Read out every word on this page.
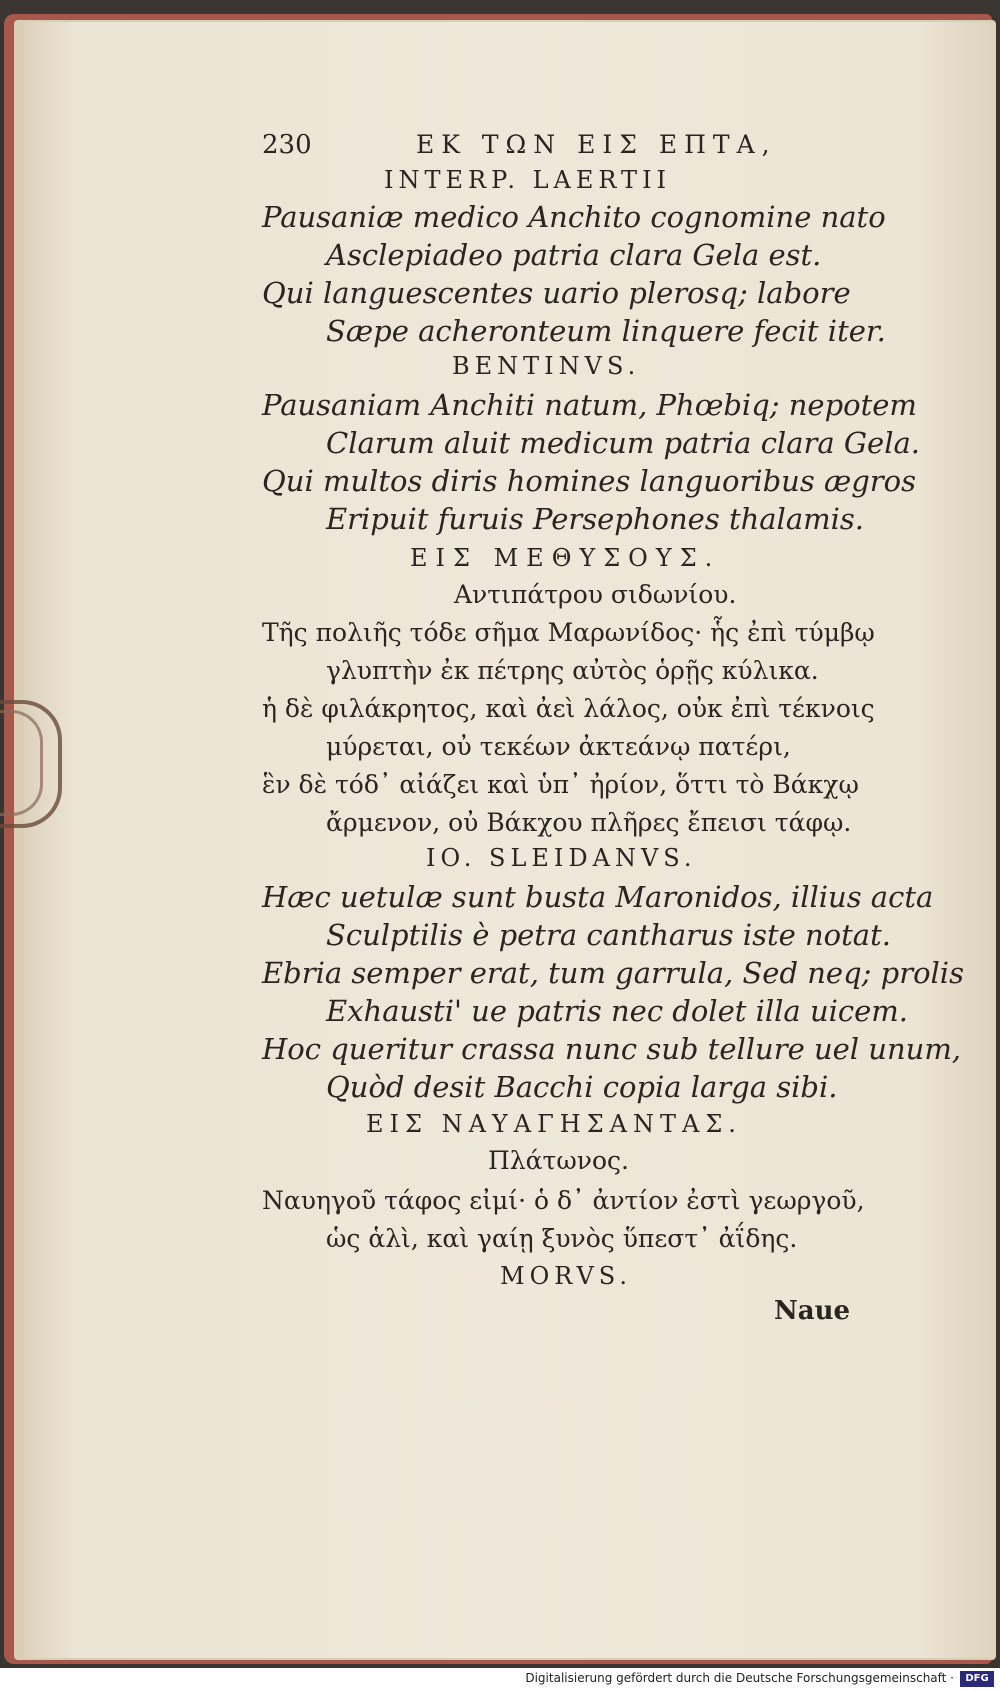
230	ΕΚ ΤΩΝ ΕΙΣ ΕΠΤΑ,
INTERP. LAERTII
Pausaniæ medico Anchito cognomine nato
Asclepiadeo patria clara Gela est.
Qui languescentes uario plerosq; labore
Sæpe acheronteum linquere fecit iter.
BENTINVS.
Pausaniam Anchiti natum, Phœbiq; nepotem
Clarum aluit medicum patria clara Gela.
Qui multos diris homines languoribus ægros
Eripuit furuis Persephones thalamis.
ΕΙΣ ΜΕΘΥΣΟΥΣ.
Αντιπάτρου σιδωνίου.
Τῆς πολιῆς τόδε σῆμα Μαρωνίδος· ἧς ἐπὶ τύμβῳ
γλυπτὴν ἐκ πέτρης αὐτὸς ὁρῇς κύλικα.
ἡ δὲ φιλάκρητος, καὶ ἀεὶ λάλος, οὐκ ἐπὶ τέκνοις
μύρεται, οὐ τεκέων ἀκτεάνῳ πατέρι,
ἓν δὲ τόδ᾽ αἰάζει καὶ ὑπ᾽ ἠρίον, ὅττι τὸ Βάκχῳ
ἄρμενον, οὐ Βάκχου πλῆρες ἔπεισι τάφῳ.
IO. SLEIDANVS.
Hæc uetulæ sunt busta Maronidos, illius acta
Sculptilis è petra cantharus iste notat.
Ebria semper erat, tum garrula, Sed neq; prolis
Exhausti' ue patris nec dolet illa uicem.
Hoc queritur crassa nunc sub tellure uel unum,
Quòd desit Bacchi copia larga sibi.
ΕΙΣ ΝΑΥΑΓΗΣΑΝΤΑΣ.
Πλάτωνος.
Ναυηγοῦ τάφος εἰμί· ὁ δ᾽ ἀντίον ἐστὶ γεωργοῦ,
ὡς ἁλὶ, καὶ γαίῃ ξυνὸς ὕπεστ᾽ ἀΐδης.
MORVS.
Naue
Digitalisierung gefördert durch die Deutsche Forschungsgemeinschaft ·	DFG
